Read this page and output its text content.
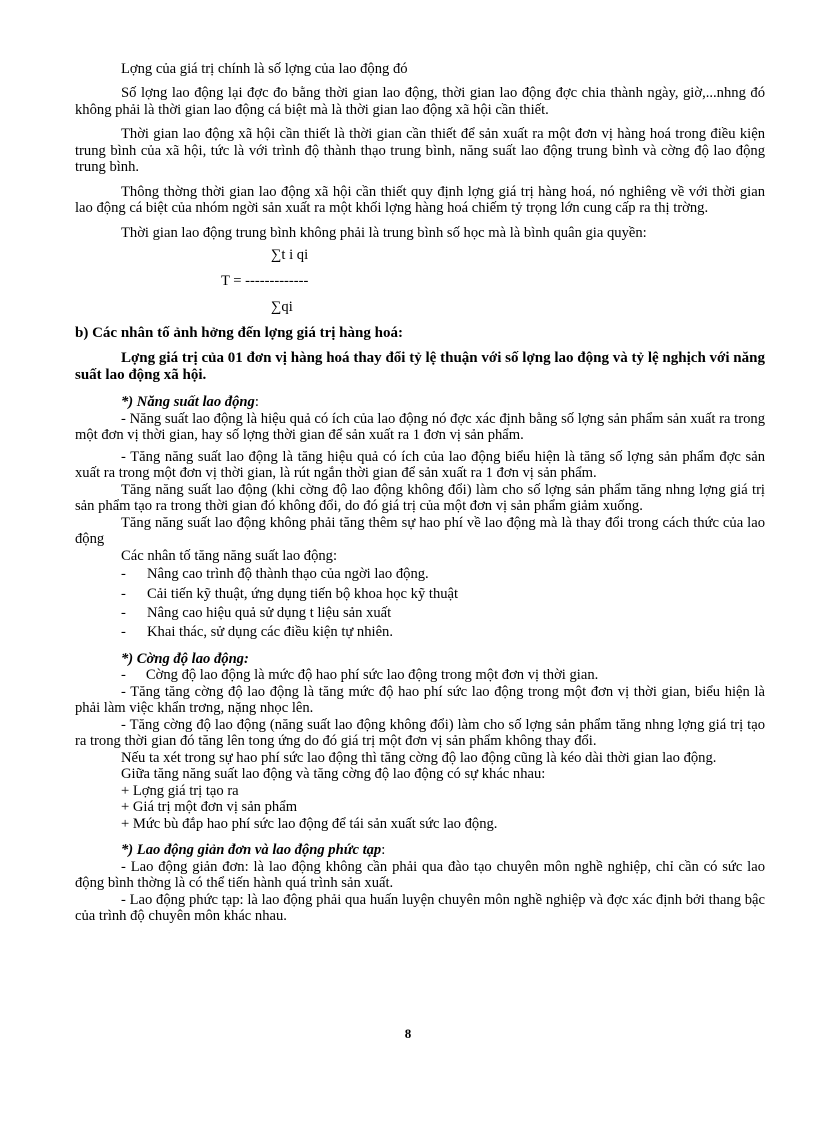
Lợng của giá trị chính là số lợng của lao động đó

Số lợng lao động lại đợc đo bằng thời gian lao động, thời gian lao động đợc chia thành ngày, giờ,...nhng đó không phải là thời gian lao động cá biệt mà là thời gian lao động xã hội cần thiết.

Thời gian lao động xã hội cần thiết là thời gian cần thiết để sản xuất ra một đơn vị hàng hoá trong điều kiện trung bình của xã hội, tức là với trình độ thành thạo trung bình, năng suất lao động trung bình và cờng độ lao động trung bình.

Thông thờng thời gian lao động xã hội cần thiết quy định lợng giá trị hàng hoá, nó nghiêng về với thời gian lao động cá biệt của nhóm ngời sản xuất ra một khối lợng hàng hoá chiếm tỷ trọng lớn cung cấp ra thị trờng.

Thời gian lao động trung bình không phải là trung bình số học mà là bình quân gia quyền:

∑t i qi
T = -------------
∑qi
b) Các nhân tố ảnh hởng đến lợng giá trị hàng hoá:

Lợng giá trị của 01 đơn vị hàng hoá thay đổi tỷ lệ thuận với số lợng lao động và tỷ lệ nghịch với năng suất lao động xã hội.

*) Năng suất lao động:

- Năng suất lao động là hiệu quả có ích của lao động nó đợc xác định bằng số lợng sản phẩm sản xuất ra trong một đơn vị thời gian, hay số lợng thời gian để sản xuất ra 1 đơn vị sản phẩm.

- Tăng năng suất lao động là tăng hiệu quả có ích của lao động biểu hiện là tăng số lợng sản phẩm đợc sản xuất ra trong một đơn vị thời gian, là rút ngắn thời gian để sản xuất ra 1 đơn vị sản phẩm.

Tăng năng suất lao động (khi cờng độ lao động không đổi) làm cho số lợng sản phẩm tăng nhng lợng giá trị sản phẩm tạo ra trong thời gian đó không đổi, do đó giá trị của một đơn vị sản phẩm giảm xuống.

Tăng năng suất lao động không phải tăng thêm sự hao phí về lao động mà là thay đổi trong cách thức của lao động

Các nhân tố tăng năng suất lao động:

- Nâng cao trình độ thành thạo của ngời lao động.
- Cải tiến kỹ thuật, ứng dụng tiến bộ khoa học kỹ thuật
- Nâng cao hiệu quả sử dụng t liệu sản xuất
- Khai thác, sử dụng các điều kiện tự nhiên.

*) Cờng độ lao động:

- Cờng độ lao động là mức độ hao phí sức lao động trong một đơn vị thời gian.

- Tăng tăng cờng độ lao động là tăng mức độ hao phí sức lao động trong một đơn vị thời gian, biểu hiện là phải làm việc khẩn trơng, nặng nhọc lên.

- Tăng cờng độ lao động (năng suất lao động không đổi) làm cho số lợng sản phẩm tăng nhng lợng giá trị tạo ra trong thời gian đó tăng lên tong ứng do đó giá trị một đơn vị sản phẩm không thay đổi.

Nếu ta xét trong sự hao phí sức lao động thì tăng cờng độ lao động cũng là kéo dài thời gian lao động.

Giữa tăng năng suất lao động và tăng cờng độ lao động có sự khác nhau:

+ Lợng giá trị tạo ra

+ Giá trị một đơn vị sản phẩm

+ Mức bù đắp hao phí sức lao động để tái sản xuất sức lao động.

*) Lao động giản đơn và lao động phức tạp:

- Lao động giản đơn: là lao động không cần phải qua đào tạo chuyên môn nghề nghiệp, chỉ cần có sức lao động bình thờng là có thể tiến hành quá trình sản xuất.

- Lao động phức tạp: là lao động phải qua huấn luyện chuyên môn nghề nghiệp và đợc xác định bởi thang bậc của trình độ chuyên môn khác nhau.

8
